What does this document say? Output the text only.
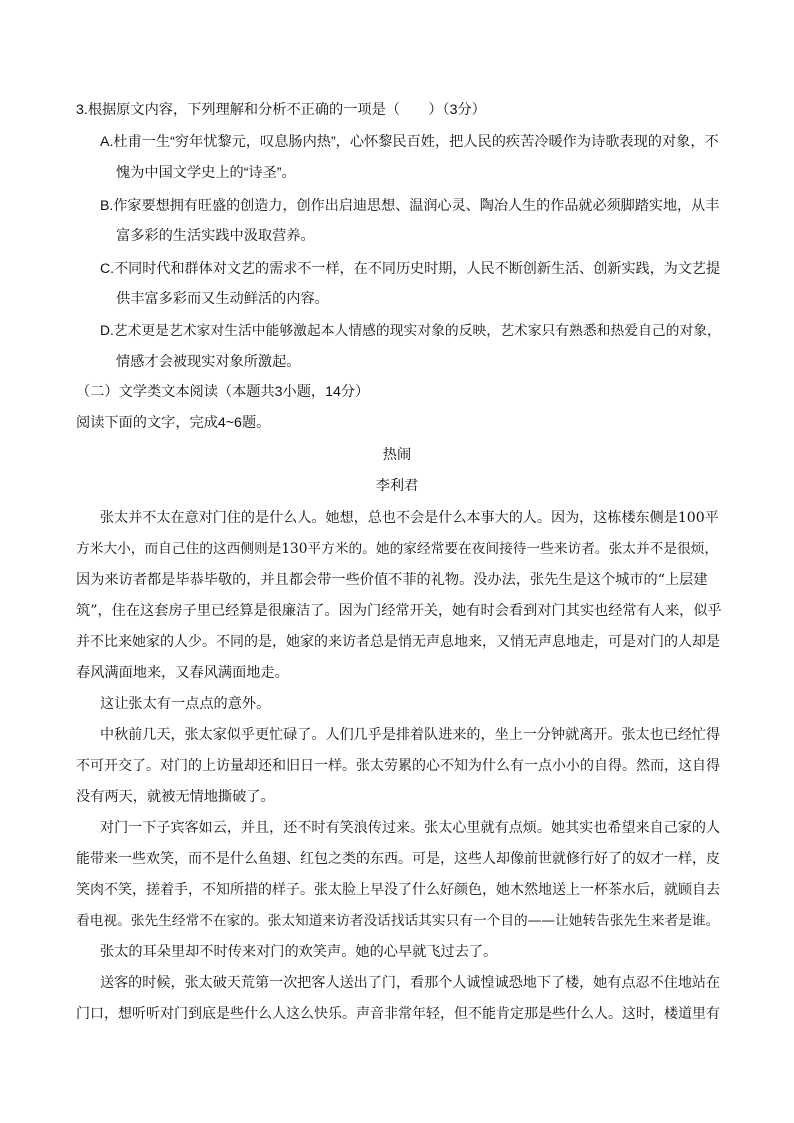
3.根据原文内容，下列理解和分析不正确的一项是（　　）（3分）
A.杜甫一生“穷年忧黎元，叹息肠内热”，心怀黎民百姓，把人民的疾苦冷暖作为诗歌表现的对象，不
愧为中国文学史上的“诗圣”。
B.作家要想拥有旺盛的创造力，创作出启迪思想、温润心灵、陶冶人生的作品就必须脚踏实地，从丰
富多彩的生活实践中汲取营养。
C.不同时代和群体对文艺的需求不一样，在不同历史时期，人民不断创新生活、创新实践，为文艺提
供丰富多彩而又生动鲜活的内容。
D.艺术更是艺术家对生活中能够激起本人情感的现实对象的反映，艺术家只有熟悉和热爱自己的对象，
情感才会被现实对象所激起。
（二）文学类文本阅读（本题共3小题，14分）
阅读下面的文字，完成4~6题。
热闹
李利君
张太并不太在意对门住的是什么人。她想，总也不会是什么本事大的人。因为，这栋楼东侧是100平
方米大小，而自己住的这西侧则是130平方米的。她的家经常要在夜间接待一些来访者。张太并不是很烦，
因为来访者都是毕恭毕敬的，并且都会带一些价值不菲的礼物。没办法，张先生是这个城市的“上层建
筑”，住在这套房子里已经算是很廉洁了。因为门经常开关，她有时会看到对门其实也经常有人来，似乎
并不比来她家的人少。不同的是，她家的来访者总是悄无声息地来，又悄无声息地走，可是对门的人却是
春风满面地来，又春风满面地走。
这让张太有一点点的意外。
中秋前几天，张太家似乎更忙碌了。人们几乎是排着队进来的，坐上一分钟就离开。张太也已经忙得
不可开交了。对门的上访量却还和旧日一样。张太劳累的心不知为什么有一点小小的自得。然而，这自得
没有两天，就被无情地撕破了。
对门一下子宾客如云，并且，还不时有笑浪传过来。张太心里就有点烦。她其实也希望来自己家的人
能带来一些欢笑，而不是什么鱼翅、红包之类的东西。可是，这些人却像前世就修行好了的奴才一样，皮
笑肉不笑，搓着手，不知所措的样子。张太脸上早没了什么好颜色，她木然地送上一杯茶水后，就顾自去
看电视。张先生经常不在家的。张太知道来访者没话找话其实只有一个目的——让她转告张先生来者是谁。
张太的耳朵里却不时传来对门的欢笑声。她的心早就飞过去了。
送客的时候，张太破天荒第一次把客人送出了门，看那个人诚惶诚恐地下了楼，她有点忍不住地站在
门口，想听听对门到底是些什么人这么快乐。声音非常年轻，但不能肯定那是些什么人。这时，楼道里有
